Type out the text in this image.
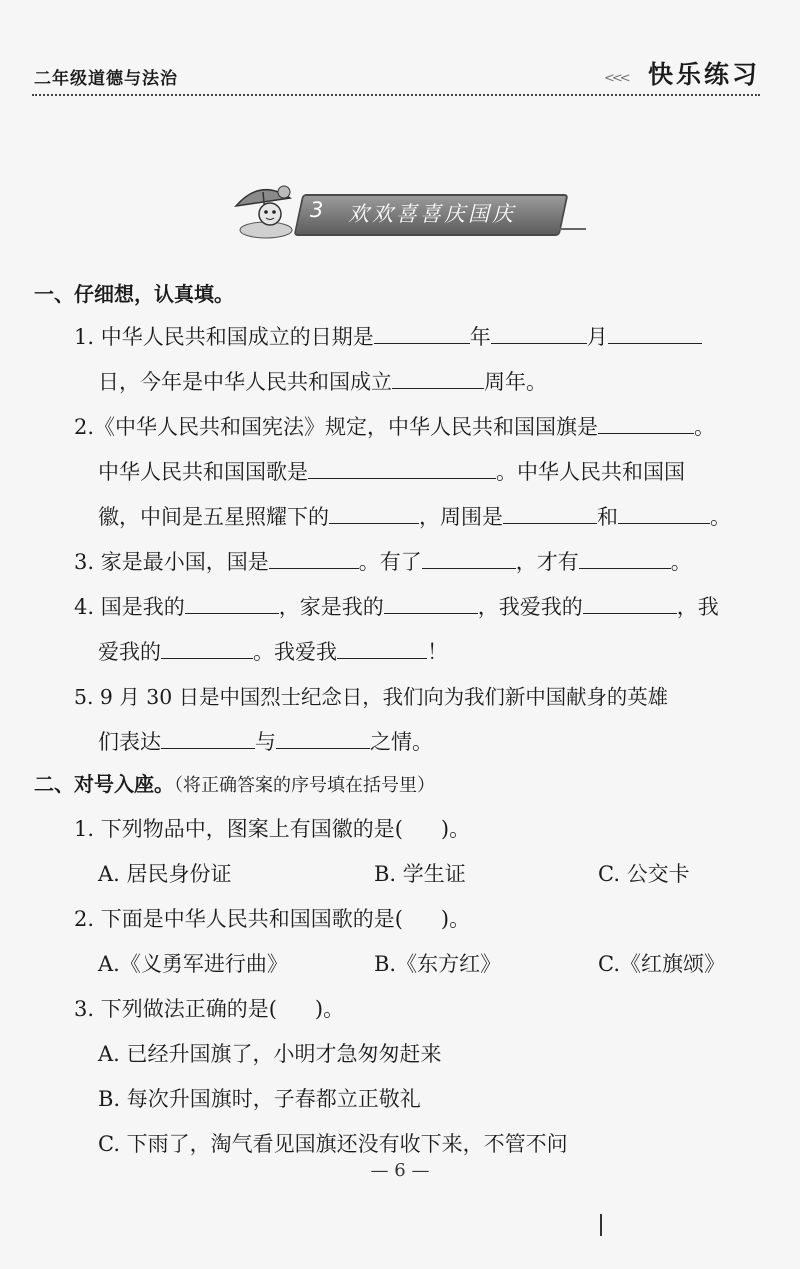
二年级道德与法治	<<< 快乐练习
3 欢欢喜喜庆国庆
一、仔细想，认真填。
1. 中华人民共和国成立的日期是	年	月
日，今年是中华人民共和国成立	周年。
2.《中华人民共和国宪法》规定，中华人民共和国国旗是	。
中华人民共和国国歌是	。中华人民共和国国
徽，中间是五星照耀下的	，周围是	和	。
3. 家是最小国，国是	。有了	，才有	。
4. 国是我的	，家是我的	，我爱我的	，我
爱我的	。我爱我	！
5. 9 月 30 日是中国烈士纪念日，我们向为我们新中国献身的英雄
们表达	与	之情。
二、对号入座。（将正确答案的序号填在括号里）
1. 下列物品中，图案上有国徽的是( )。
A. 居民身份证	B. 学生证	C. 公交卡
2. 下面是中华人民共和国国歌的是( )。
A.《义勇军进行曲》	B.《东方红》	C.《红旗颂》
3. 下列做法正确的是( )。
A. 已经升国旗了，小明才急匆匆赶来
B. 每次升国旗时，子春都立正敬礼
C. 下雨了，淘气看见国旗还没有收下来，不管不问
— 6 —
